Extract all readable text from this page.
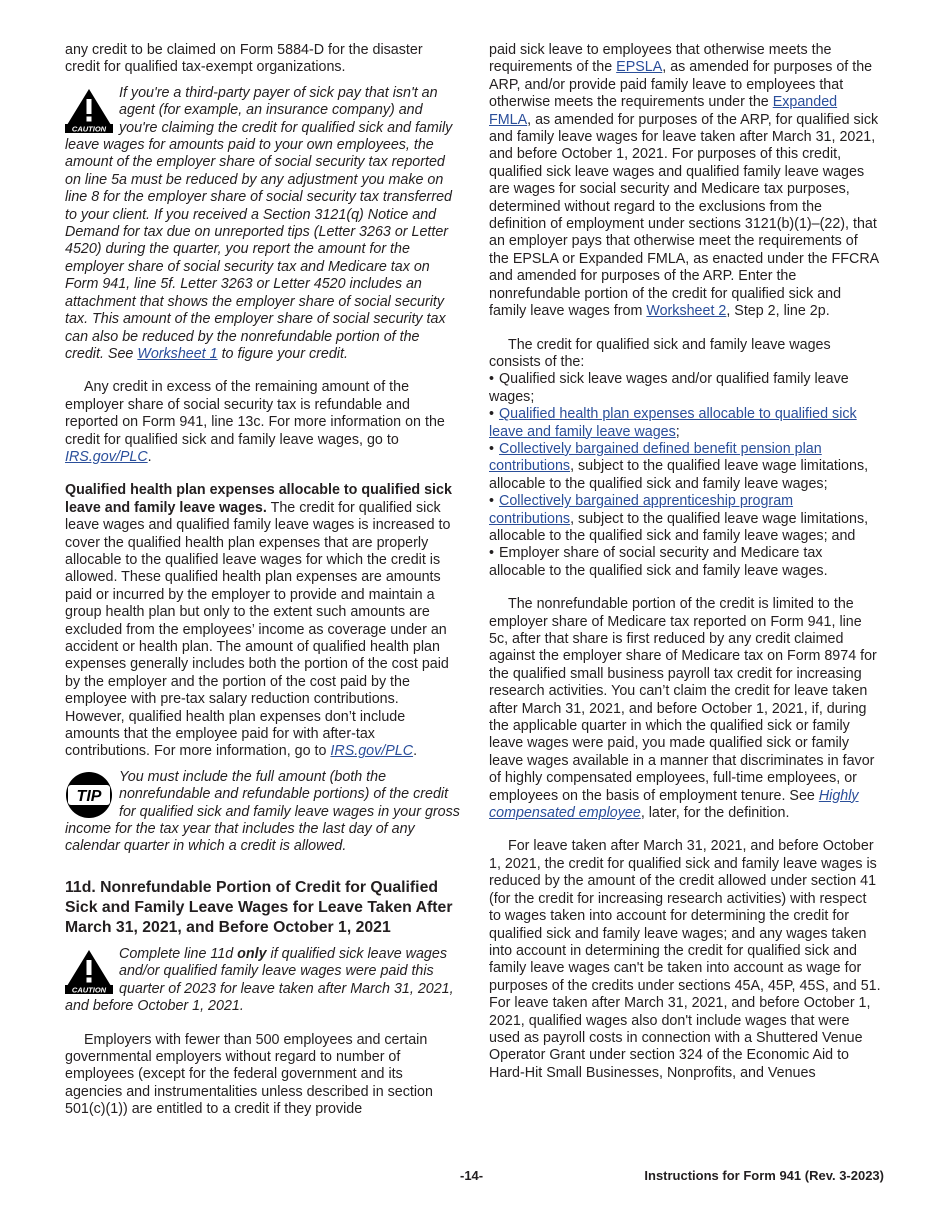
any credit to be claimed on Form 5884-D for the disaster credit for qualified tax-exempt organizations.

CAUTION
If you're a third-party payer of sick pay that isn't an agent (for example, an insurance company) and you're claiming the credit for qualified sick and family leave wages for amounts paid to your own employees, the amount of the employer share of social security tax reported on line 5a must be reduced by any adjustment you make on line 8 for the employer share of social security tax transferred to your client. If you received a Section 3121(q) Notice and Demand for tax due on unreported tips (Letter 3263 or Letter 4520) during the quarter, you report the amount for the employer share of social security tax and Medicare tax on Form 941, line 5f. Letter 3263 or Letter 4520 includes an attachment that shows the employer share of social security tax. This amount of the employer share of social security tax can also be reduced by the nonrefundable portion of the credit. See Worksheet 1 to figure your credit.

Any credit in excess of the remaining amount of the employer share of social security tax is refundable and reported on Form 941, line 13c. For more information on the credit for qualified sick and family leave wages, go to IRS.gov/PLC.

Qualified health plan expenses allocable to qualified sick leave and family leave wages. The credit for qualified sick leave wages and qualified family leave wages is increased to cover the qualified health plan expenses that are properly allocable to the qualified leave wages for which the credit is allowed. These qualified health plan expenses are amounts paid or incurred by the employer to provide and maintain a group health plan but only to the extent such amounts are excluded from the employees’ income as coverage under an accident or health plan. The amount of qualified health plan expenses generally includes both the portion of the cost paid by the employer and the portion of the cost paid by the employee with pre-tax salary reduction contributions. However, qualified health plan expenses don’t include amounts that the employee paid for with after-tax contributions. For more information, go to IRS.gov/PLC.

TIP
You must include the full amount (both the nonrefundable and refundable portions) of the credit for qualified sick and family leave wages in your gross income for the tax year that includes the last day of any calendar quarter in which a credit is allowed.
11d. Nonrefundable Portion of Credit for Qualified Sick and Family Leave Wages for Leave Taken After March 31, 2021, and Before October 1, 2021
CAUTION
Complete line 11d only if qualified sick leave wages and/or qualified family leave wages were paid this quarter of 2023 for leave taken after March 31, 2021, and before October 1, 2021.

Employers with fewer than 500 employees and certain governmental employers without regard to number of employees (except for the federal government and its agencies and instrumentalities unless described in section 501(c)(1)) are entitled to a credit if they provide

paid sick leave to employees that otherwise meets the requirements of the EPSLA, as amended for purposes of the ARP, and/or provide paid family leave to employees that otherwise meets the requirements under the Expanded FMLA, as amended for purposes of the ARP, for qualified sick and family leave wages for leave taken after March 31, 2021, and before October 1, 2021. For purposes of this credit, qualified sick leave wages and qualified family leave wages are wages for social security and Medicare tax purposes, determined without regard to the exclusions from the definition of employment under sections 3121(b)(1)–(22), that an employer pays that otherwise meet the requirements of the EPSLA or Expanded FMLA, as enacted under the FFCRA and amended for purposes of the ARP. Enter the nonrefundable portion of the credit for qualified sick and family leave wages from Worksheet 2, Step 2, line 2p.

The credit for qualified sick and family leave wages consists of the:

• Qualified sick leave wages and/or qualified family leave wages;

• Qualified health plan expenses allocable to qualified sick leave and family leave wages;

• Collectively bargained defined benefit pension plan contributions, subject to the qualified leave wage limitations, allocable to the qualified sick and family leave wages;

• Collectively bargained apprenticeship program contributions, subject to the qualified leave wage limitations, allocable to the qualified sick and family leave wages; and

• Employer share of social security and Medicare tax allocable to the qualified sick and family leave wages.

The nonrefundable portion of the credit is limited to the employer share of Medicare tax reported on Form 941, line 5c, after that share is first reduced by any credit claimed against the employer share of Medicare tax on Form 8974 for the qualified small business payroll tax credit for increasing research activities. You can’t claim the credit for leave taken after March 31, 2021, and before October 1, 2021, if, during the applicable quarter in which the qualified sick or family leave wages were paid, you made qualified sick or family leave wages available in a manner that discriminates in favor of highly compensated employees, full-time employees, or employees on the basis of employment tenure. See Highly compensated employee, later, for the definition.

For leave taken after March 31, 2021, and before October 1, 2021, the credit for qualified sick and family leave wages is reduced by the amount of the credit allowed under section 41 (for the credit for increasing research activities) with respect to wages taken into account for determining the credit for qualified sick and family leave wages; and any wages taken into account in determining the credit for qualified sick and family leave wages can't be taken into account as wage for purposes of the credits under sections 45A, 45P, 45S, and 51. For leave taken after March 31, 2021, and before October 1, 2021, qualified wages also don't include wages that were used as payroll costs in connection with a Shuttered Venue Operator Grant under section 324 of the Economic Aid to Hard-Hit Small Businesses, Nonprofits, and Venues

-14-	Instructions for Form 941 (Rev. 3-2023)
